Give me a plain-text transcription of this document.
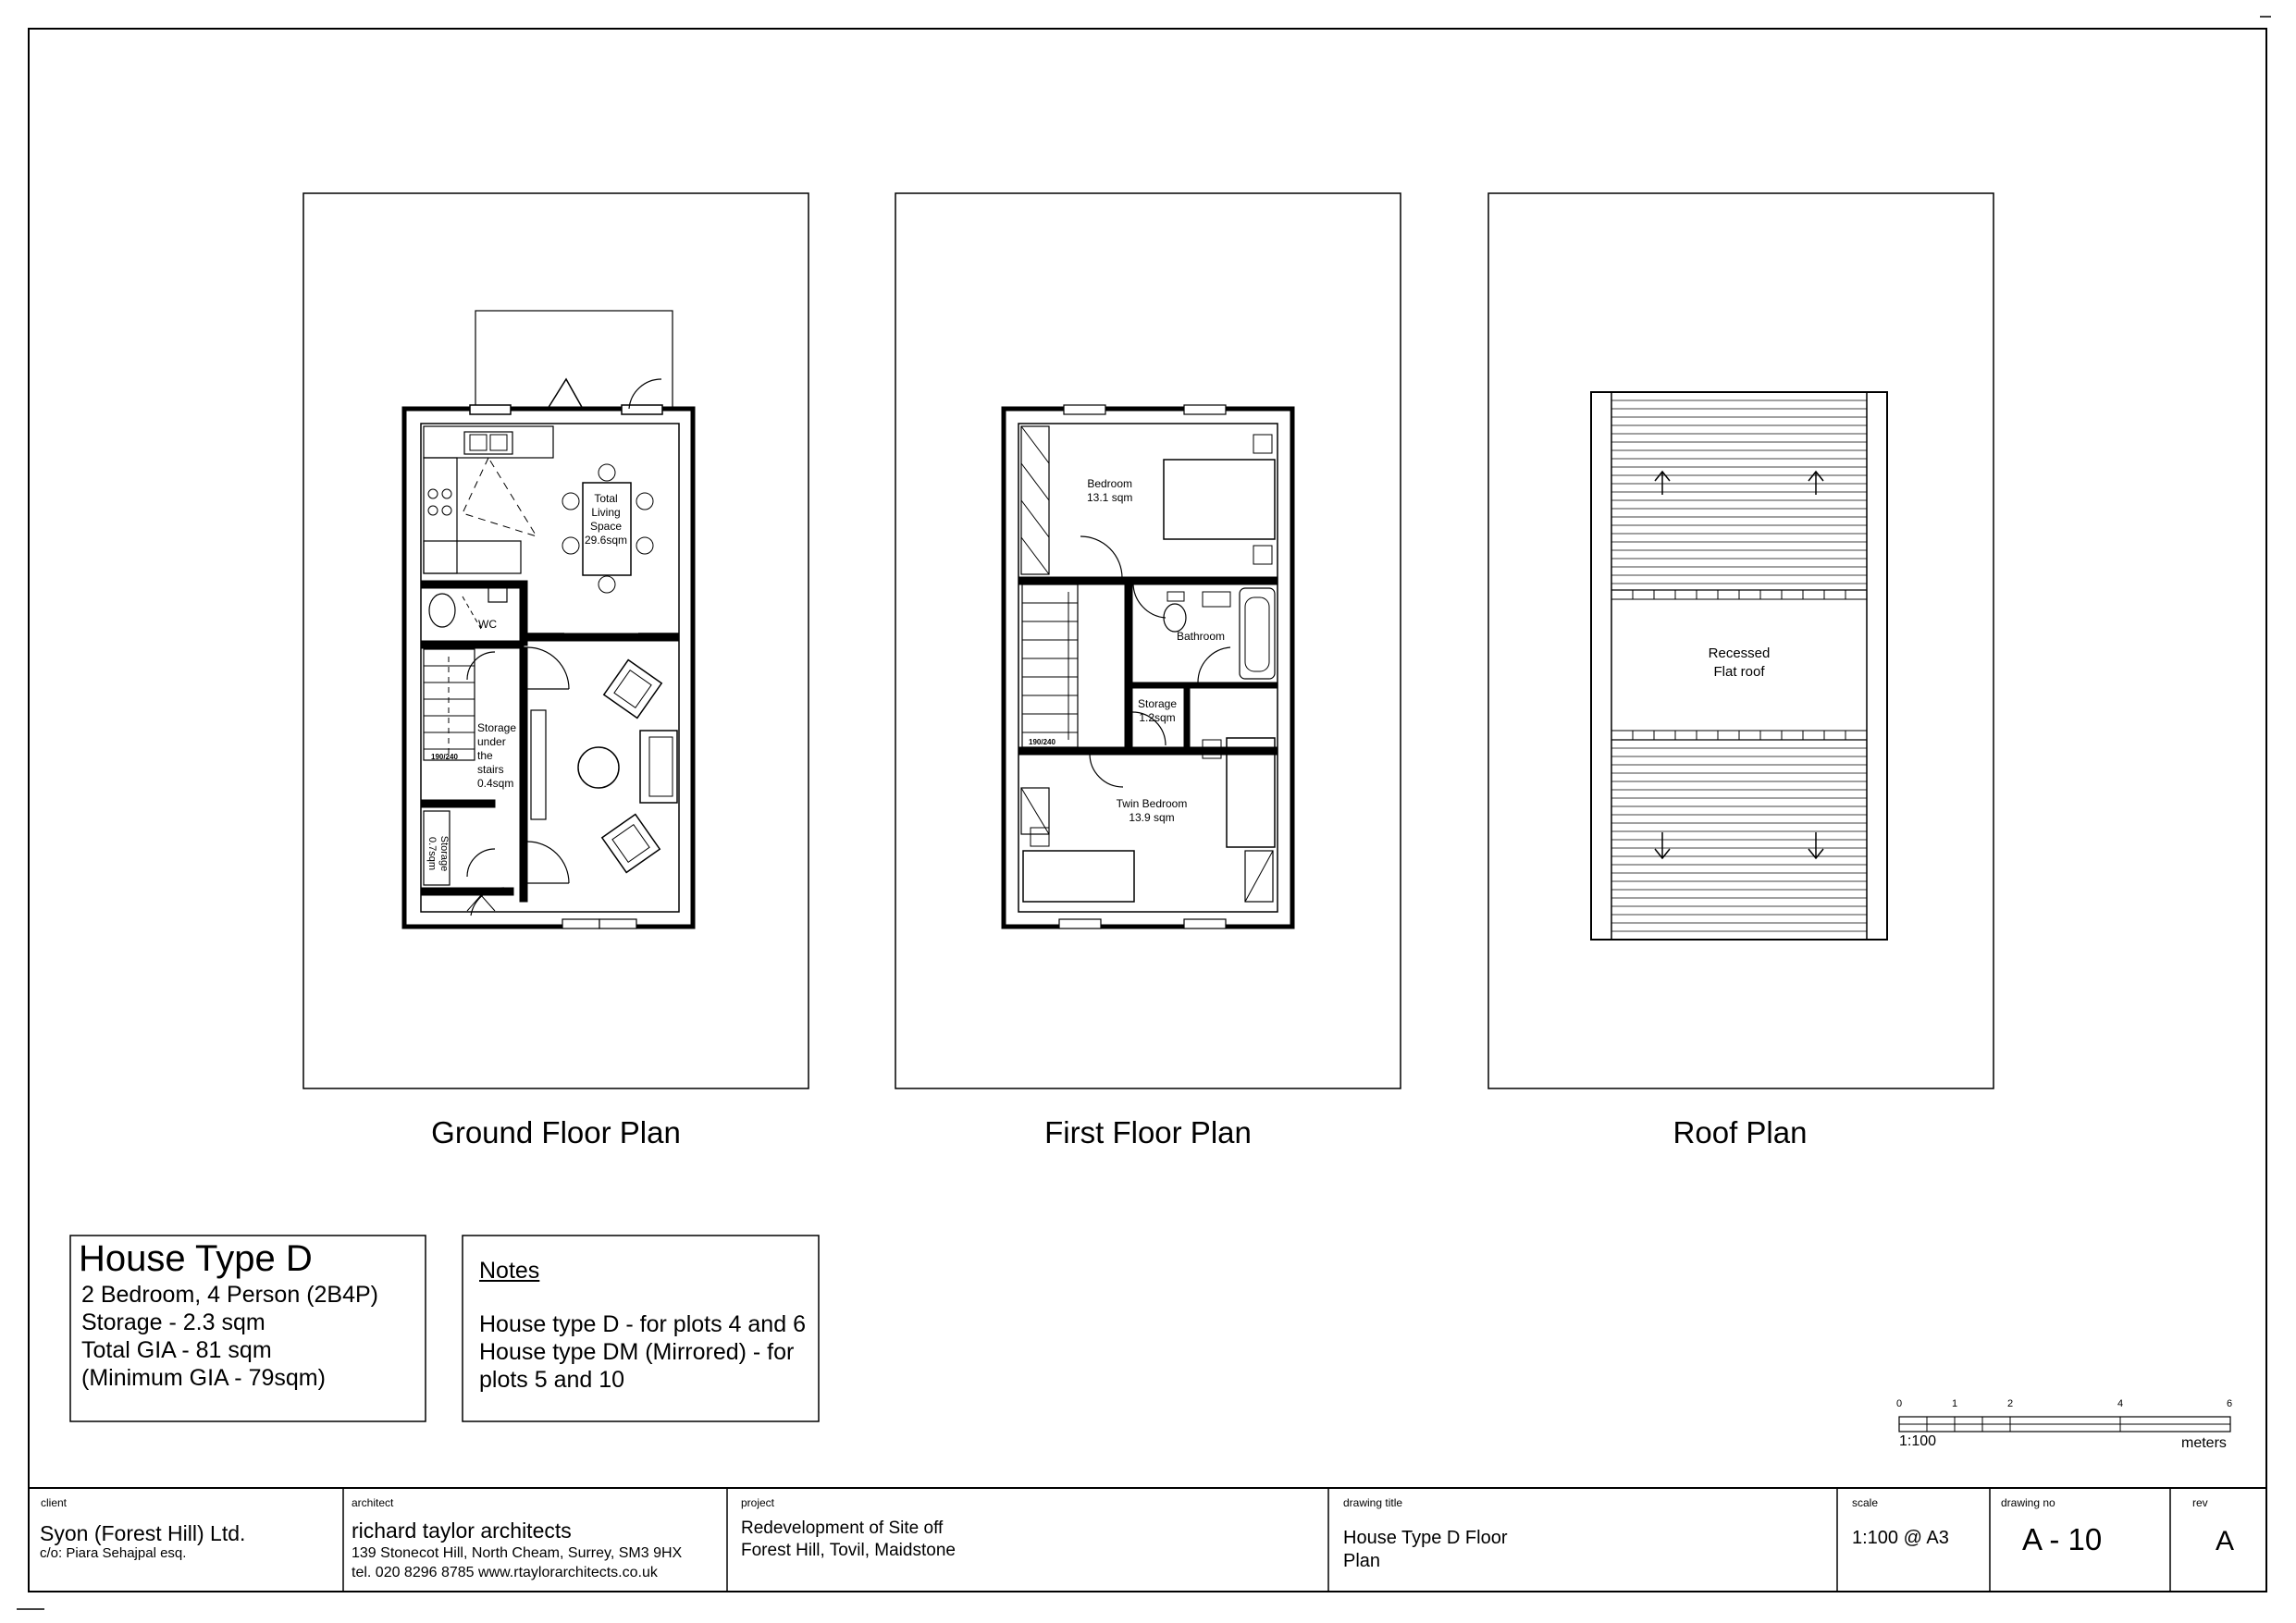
Total
Living
Space
29.6sqm
WC
Storage
under
the
stairs
0.4sqm
Storage
0.7sqm
190/240
Bedroom
13.1 sqm
Bathroom
Storage
1.2sqm
Twin Bedroom
13.9 sqm
190/240
Recessed
Flat roof
Ground Floor Plan	First Floor Plan	Roof Plan
House Type D
2 Bedroom, 4 Person (2B4P)
Storage - 2.3 sqm
Total GIA - 81 sqm
(Minimum GIA - 79sqm)
Notes
House type D - for plots 4 and 6
House type DM (Mirrored) - for
plots 5 and 10
0	1	2	4	6
1:100	meters
client
Syon (Forest Hill) Ltd.
c/o: Piara Sehajpal esq.
architect
richard taylor architects
139 Stonecot Hill, North Cheam, Surrey, SM3 9HX
tel. 020 8296 8785 www.rtaylorarchitects.co.uk
project
Redevelopment of Site off
Forest Hill, Tovil, Maidstone
drawing title
House Type D Floor
Plan
scale
1:100 @ A3
drawing no
A - 10
rev
A
